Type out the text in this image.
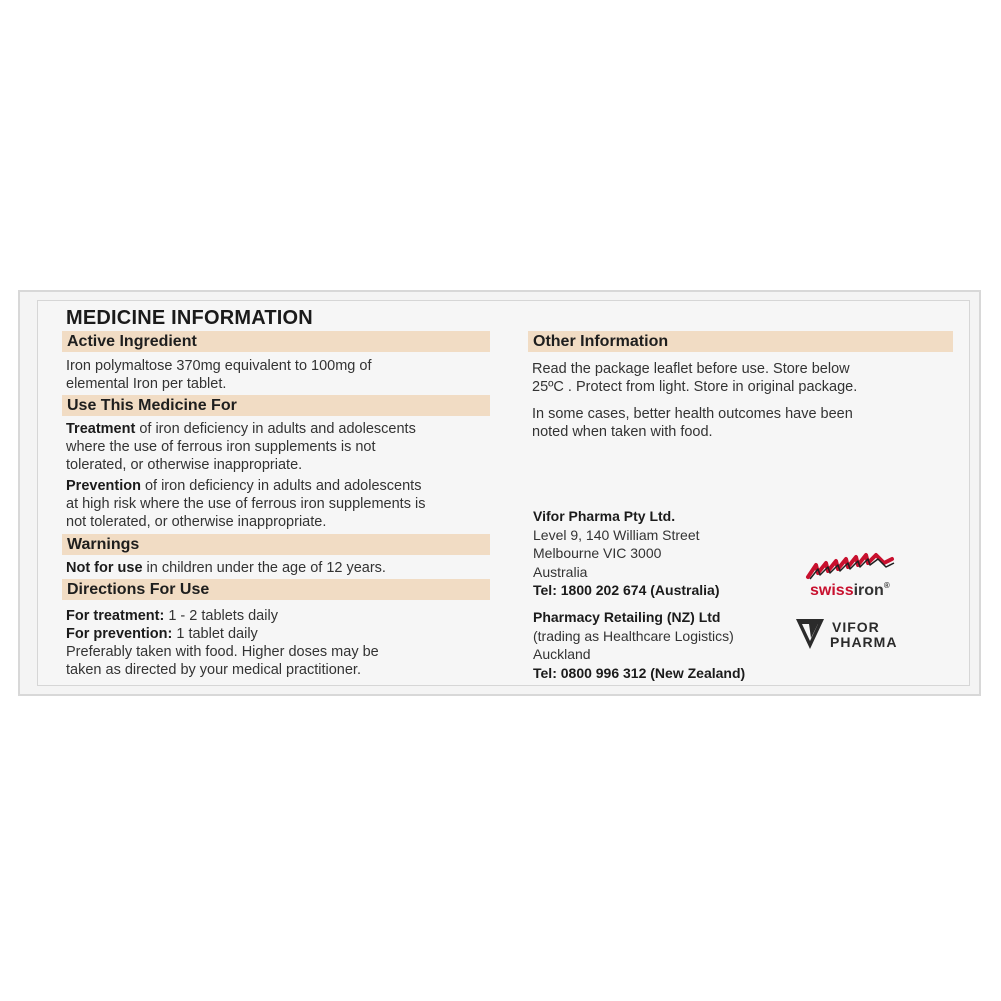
MEDICINE INFORMATION
Active Ingredient
Iron polymaltose 370mg equivalent to 100mg of
elemental Iron per tablet.
Use This Medicine For
Treatment of iron deficiency in adults and adolescents
where the use of ferrous iron supplements is not
tolerated, or otherwise inappropriate.
Prevention of iron deficiency in adults and adolescents
at high risk where the use of ferrous iron supplements is
not tolerated, or otherwise inappropriate.
Warnings
Not for use in children under the age of 12 years.
Directions For Use
For treatment: 1 - 2 tablets daily
For prevention: 1 tablet daily
Preferably taken with food. Higher doses may be
taken as directed by your medical practitioner.
Other Information
Read the package leaflet before use. Store below
25ºC . Protect from light. Store in original package.
In some cases, better health outcomes have been
noted when taken with food.
Vifor Pharma Pty Ltd.
Level 9, 140 William Street
Melbourne VIC 3000
Australia
Tel: 1800 202 674 (Australia)
Pharmacy Retailing (NZ) Ltd
(trading as Healthcare Logistics)
Auckland
Tel: 0800 996 312 (New Zealand)
swissiron®
VIFOR
PHARMA
